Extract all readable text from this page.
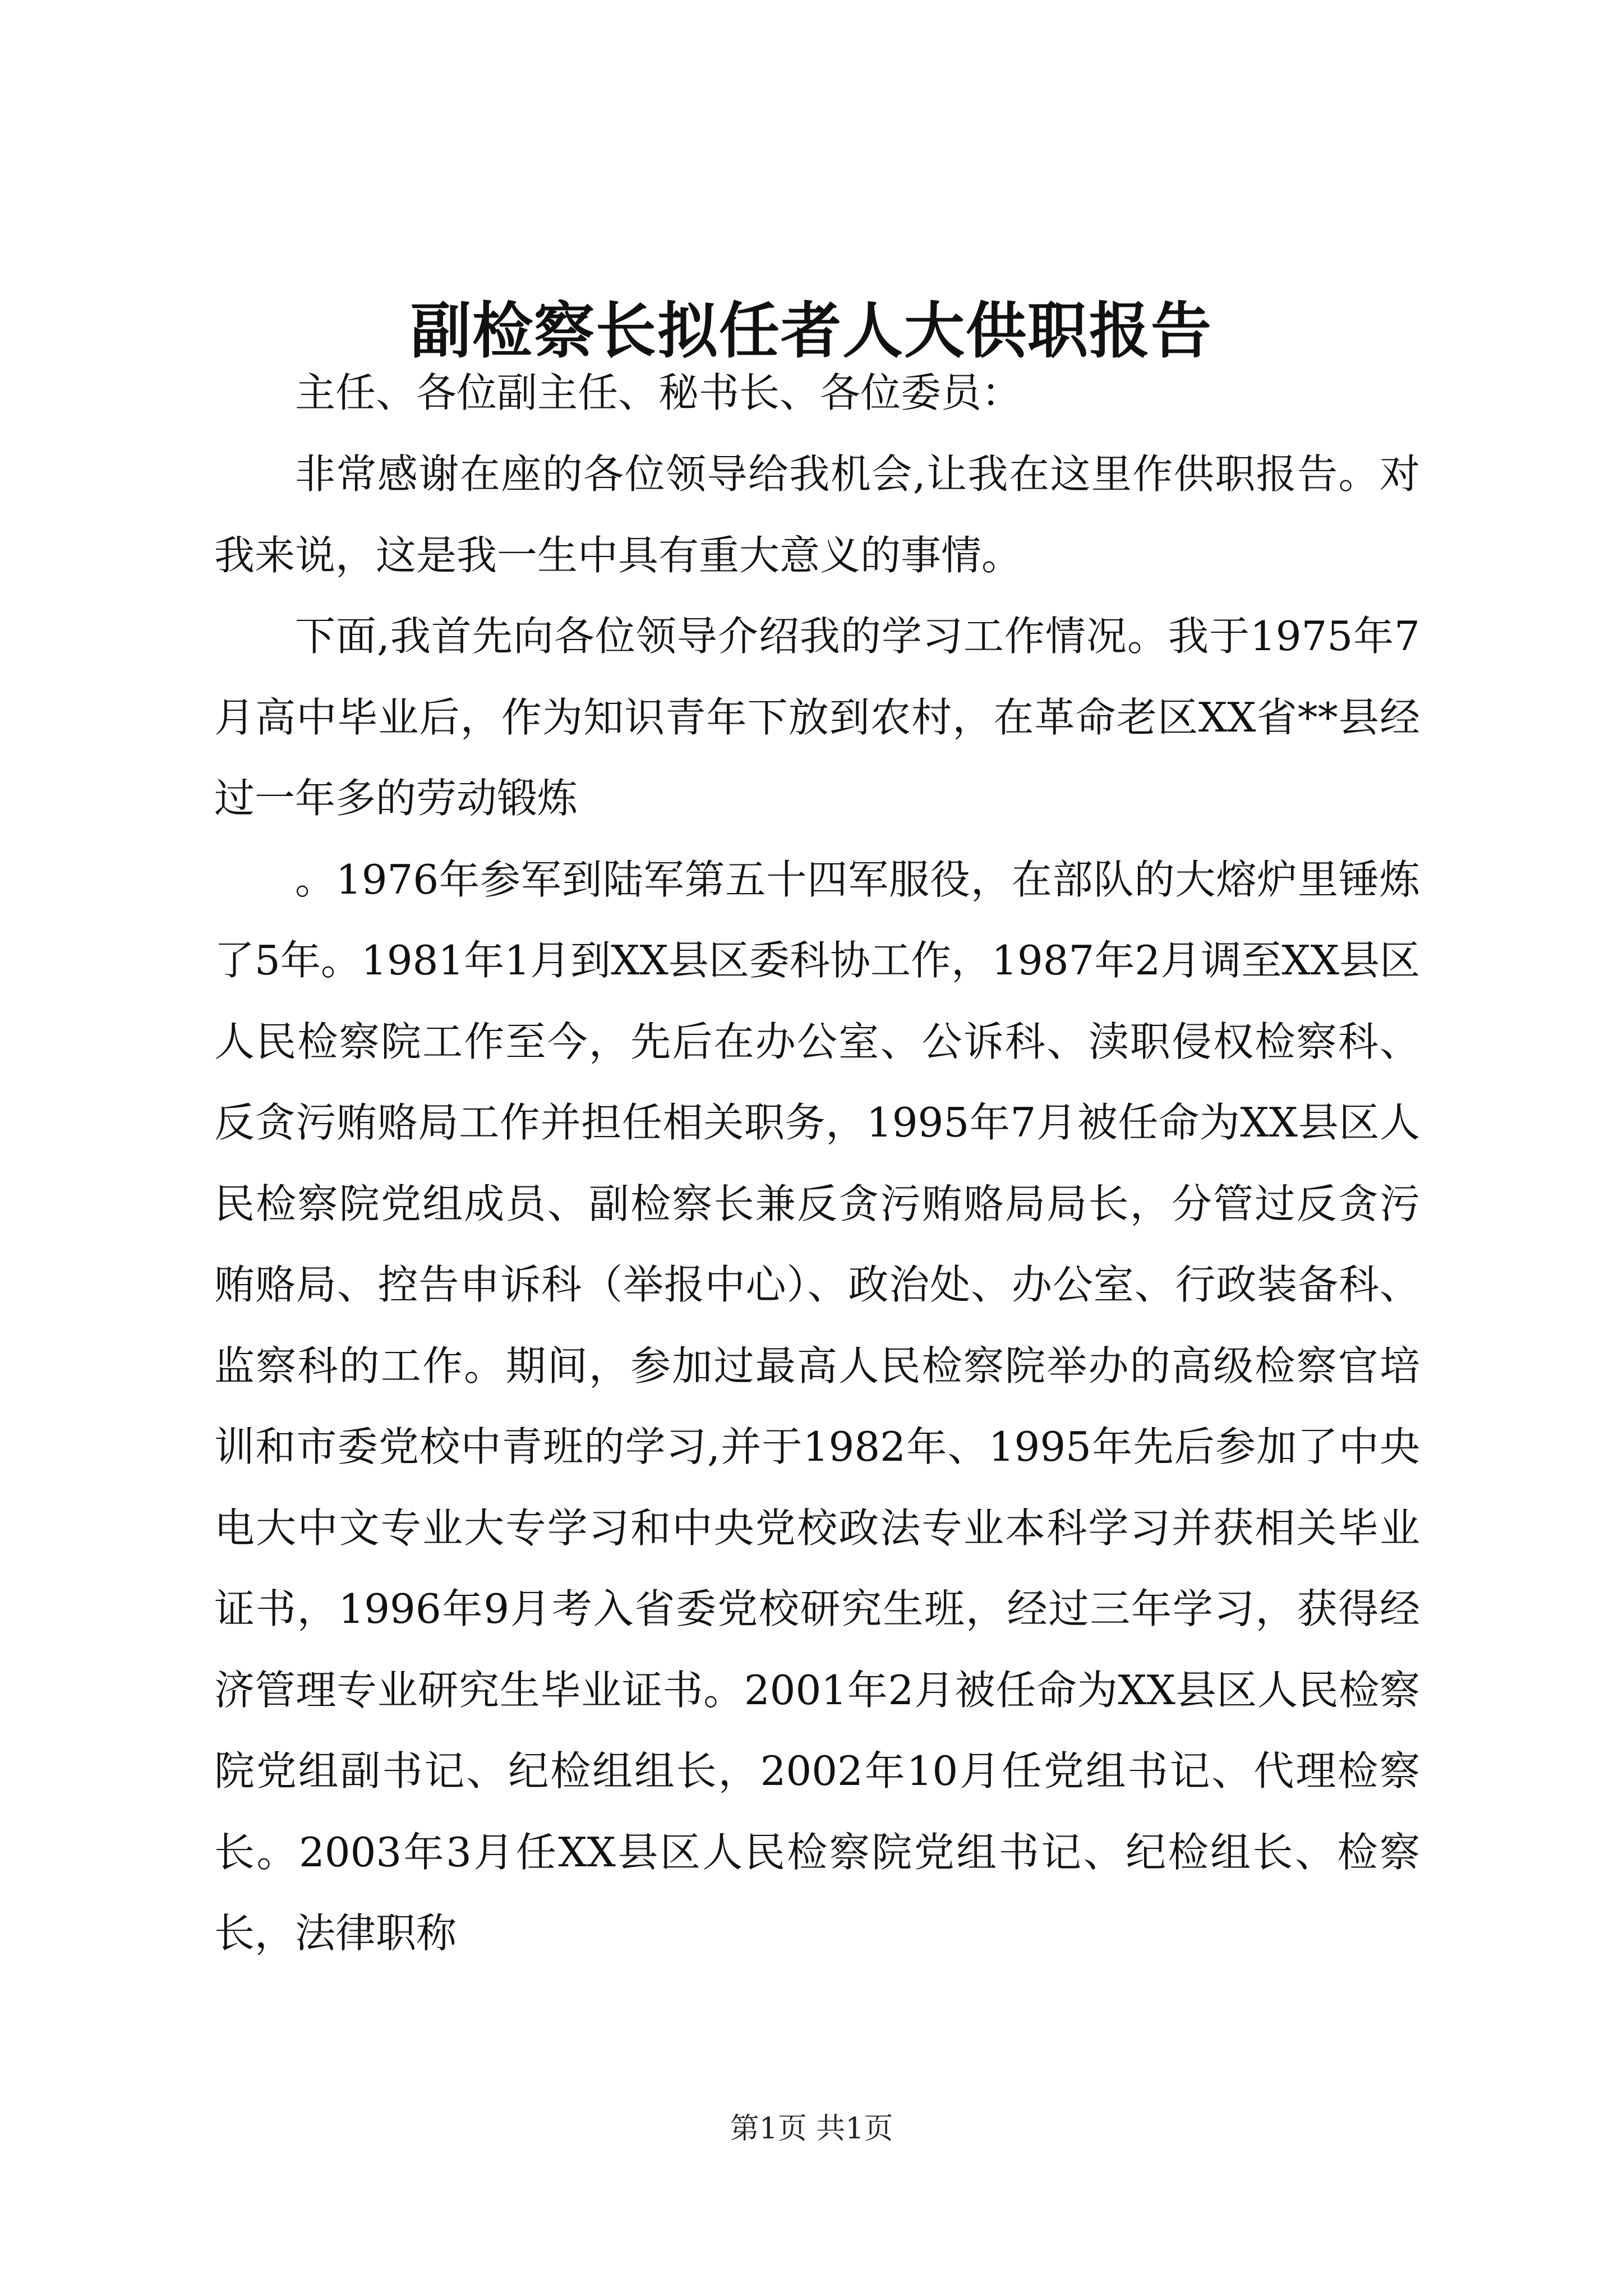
副检察长拟任者人大供职报告

主任、各位副主任、秘书长、各位委员：

非常感谢在座的各位领导给我机会,让我在这里作供职报告。对我来说，这是我一生中具有重大意义的事情。

下面,我首先向各位领导介绍我的学习工作情况。我于1975年7月高中毕业后，作为知识青年下放到农村，在革命老区XX省**县经过一年多的劳动锻炼

。1976年参军到陆军第五十四军服役，在部队的大熔炉里锤炼了5年。1981年1月到XX县区委科协工作，1987年2月调至XX县区人民检察院工作至今，先后在办公室、公诉科、渎职侵权检察科、反贪污贿赂局工作并担任相关职务，1995年7月被任命为XX县区人民检察院党组成员、副检察长兼反贪污贿赂局局长，分管过反贪污贿赂局、控告申诉科（举报中心）、政治处、办公室、行政装备科、监察科的工作。期间，参加过最高人民检察院举办的高级检察官培训和市委党校中青班的学习,并于1982年、1995年先后参加了中央电大中文专业大专学习和中央党校政法专业本科学习并获相关毕业证书，1996年9月考入省委党校研究生班，经过三年学习，获得经济管理专业研究生毕业证书。2001年2月被任命为XX县区人民检察院党组副书记、纪检组组长，2002年10月任党组书记、代理检察长。2003年3月任XX县区人民检察院党组书记、纪检组长、检察长，法律职称

第1页 共1页
